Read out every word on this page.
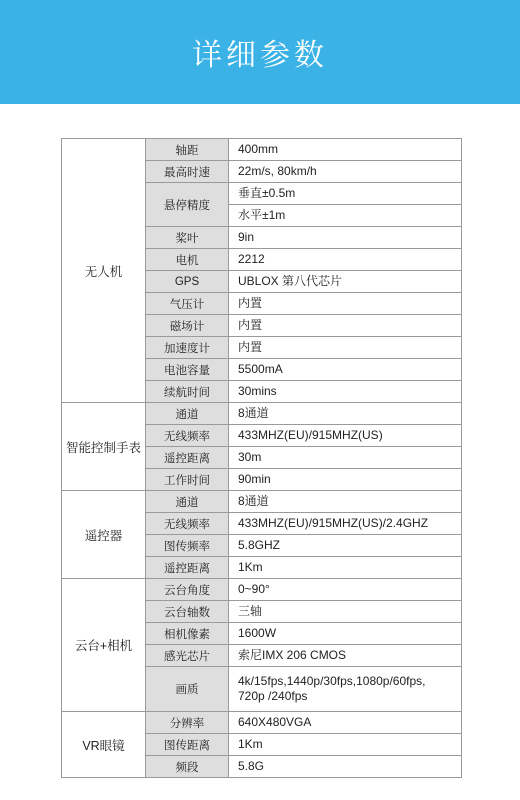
详细参数
无人机	轴距	400mm
	最高时速	22m/s, 80km/h
	悬停精度	垂直±0.5m
		水平±1m
	桨叶	9in
	电机	2212
	GPS	UBLOX 第八代芯片
	气压计	内置
	磁场计	内置
	加速度计	内置
	电池容量	5500mA
	续航时间	30mins
智能控制手表	通道	8通道
	无线频率	433MHZ(EU)/915MHZ(US)
	遥控距离	30m
	工作时间	90min
遥控器	通道	8通道
	无线频率	433MHZ(EU)/915MHZ(US)/2.4GHZ
	图传频率	5.8GHZ
	遥控距离	1Km
云台+相机	云台角度	0~90°
	云台轴数	三轴
	相机像素	1600W
	感光芯片	索尼IMX 206 CMOS
	画质	4k/15fps,1440p/30fps,1080p/60fps,
720p /240fps

VR眼镜	分辨率	640X480VGA
	图传距离	1Km
	频段	5.8G
